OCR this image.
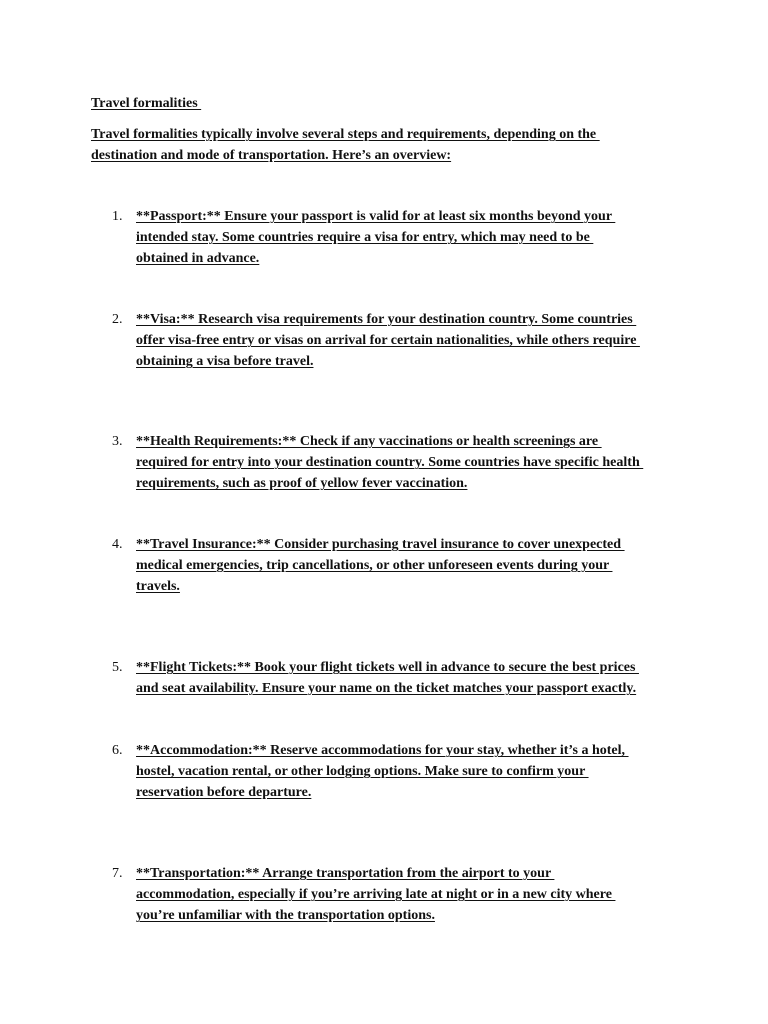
Travel formalities
Travel formalities typically involve several steps and requirements, depending on the
destination and mode of transportation. Here’s an overview:
1. **Passport:** Ensure your passport is valid for at least six months beyond your
intended stay. Some countries require a visa for entry, which may need to be
obtained in advance.
2. **Visa:** Research visa requirements for your destination country. Some countries
offer visa-free entry or visas on arrival for certain nationalities, while others require
obtaining a visa before travel.
3. **Health Requirements:** Check if any vaccinations or health screenings are
required for entry into your destination country. Some countries have specific health
requirements, such as proof of yellow fever vaccination.
4. **Travel Insurance:** Consider purchasing travel insurance to cover unexpected
medical emergencies, trip cancellations, or other unforeseen events during your
travels.
5. **Flight Tickets:** Book your flight tickets well in advance to secure the best prices
and seat availability. Ensure your name on the ticket matches your passport exactly.
6. **Accommodation:** Reserve accommodations for your stay, whether it’s a hotel,
hostel, vacation rental, or other lodging options. Make sure to confirm your
reservation before departure.
7. **Transportation:** Arrange transportation from the airport to your
accommodation, especially if you’re arriving late at night or in a new city where
you’re unfamiliar with the transportation options.
